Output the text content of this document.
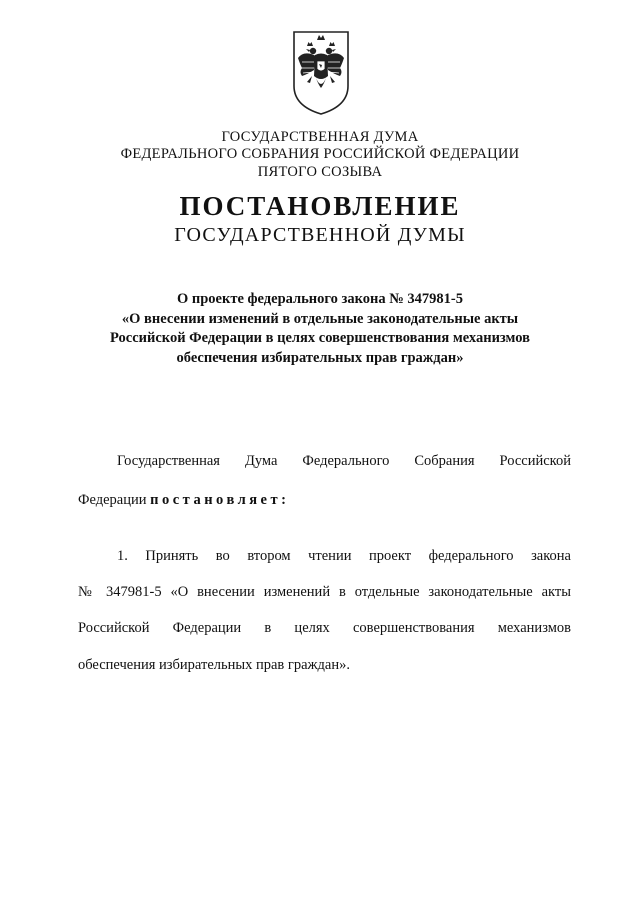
ГОСУДАРСТВЕННАЯ ДУМА
ФЕДЕРАЛЬНОГО СОБРАНИЯ РОССИЙСКОЙ ФЕДЕРАЦИИ
ПЯТОГО СОЗЫВА
ПОСТАНОВЛЕНИЕ
ГОСУДАРСТВЕННОЙ ДУМЫ
О проекте федерального закона № 347981-5
«О внесении изменений в отдельные законодательные акты
Российской Федерации в целях совершенствования механизмов
обеспечения избирательных прав граждан»
Государственная Дума Федерального Собрания Российской
Федерации постановляет:
1. Принять во втором чтении проект федерального закона
№ 347981-5 «О внесении изменений в отдельные законодательные акты
Российской Федерации в целях совершенствования механизмов
обеспечения избирательных прав граждан».
